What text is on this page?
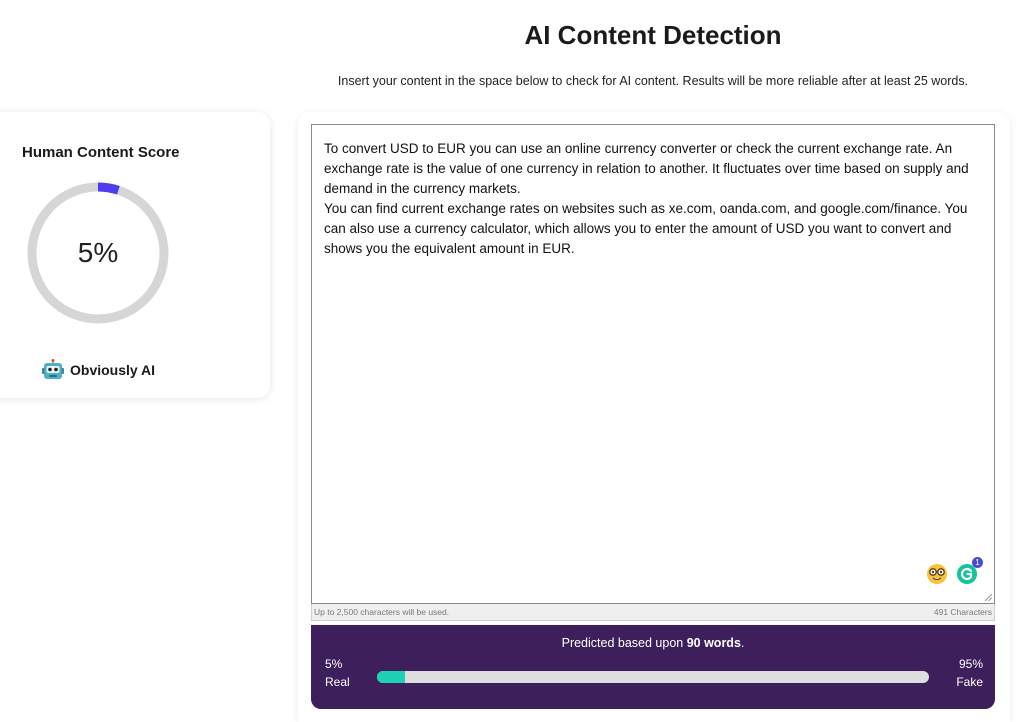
AI Content Detection
Insert your content in the space below to check for AI content. Results will be more reliable after at least 25 words.
Human Content Score
5%
Obviously AI
To convert USD to EUR you can use an online currency converter or check the current exchange rate. An exchange rate is the value of one currency in relation to another. It fluctuates over time based on supply and demand in the currency markets.
You can find current exchange rates on websites such as xe.com, oanda.com, and google.com/finance. You can also use a currency calculator, which allows you to enter the amount of USD you want to convert and shows you the equivalent amount in EUR.
1
Up to 2,500 characters will be used.	491 Characters
Predicted based upon 90 words.
5%
Real
95%
Fake
